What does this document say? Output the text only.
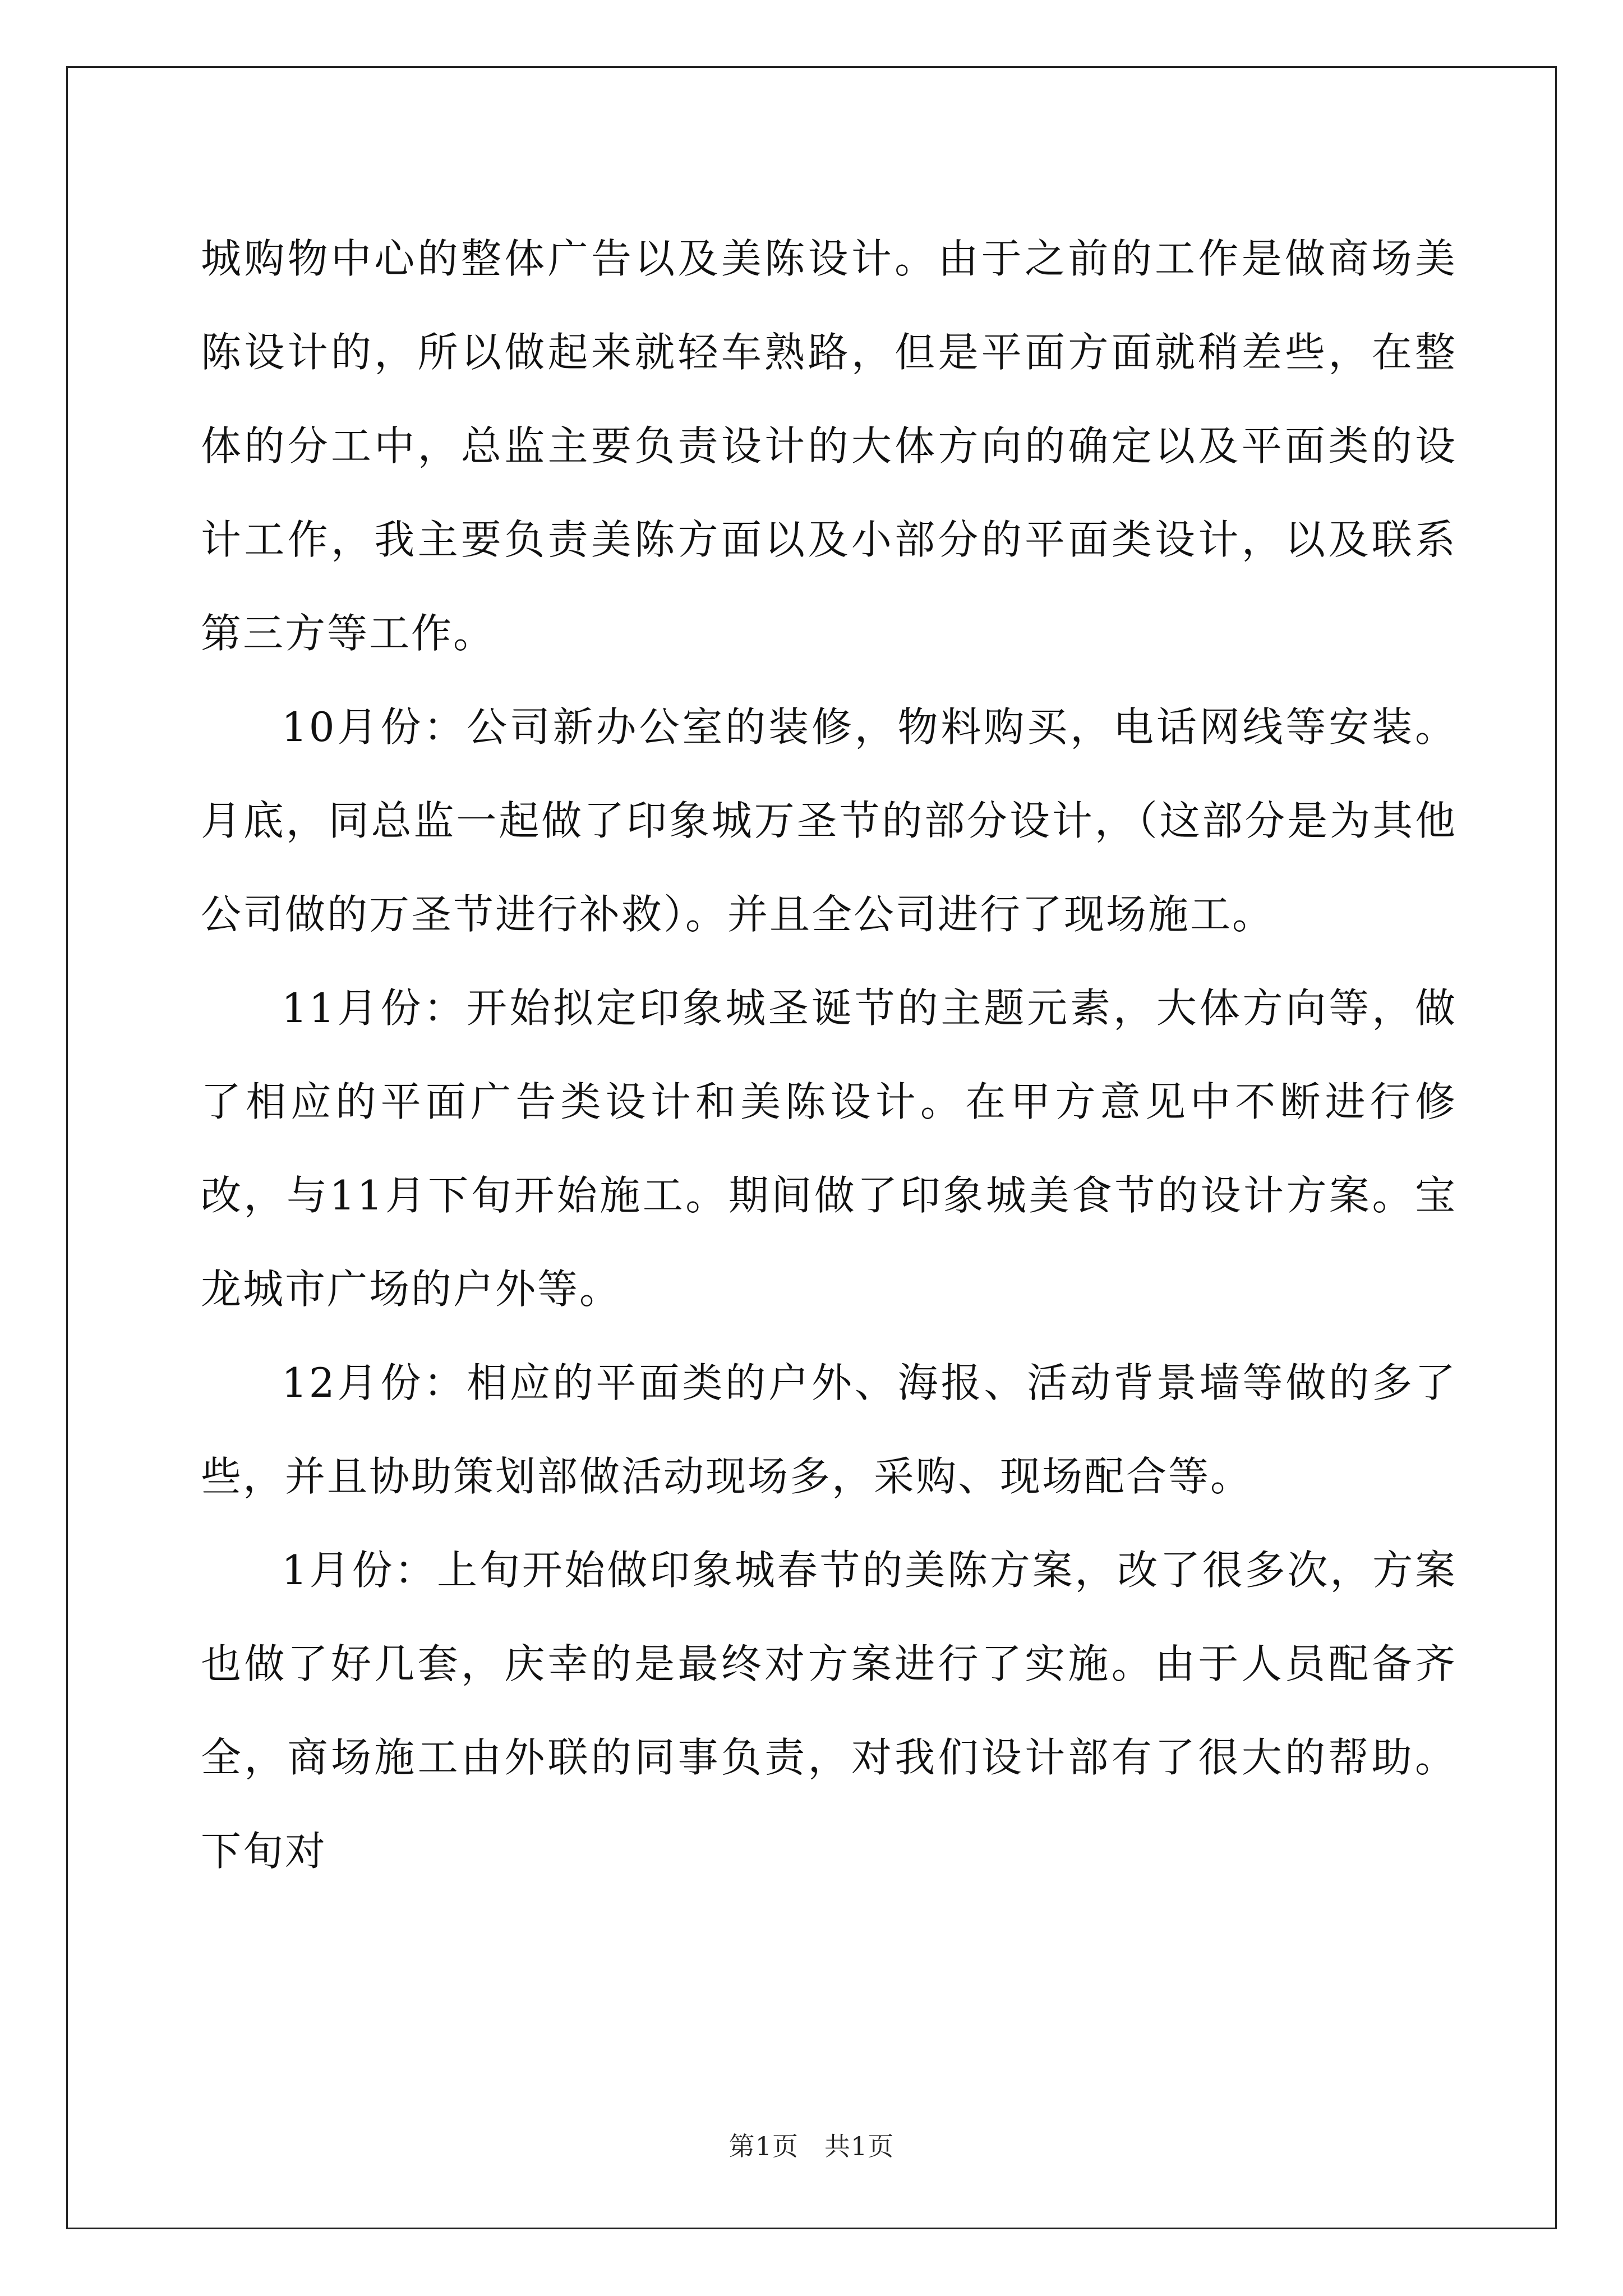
城购物中心的整体广告以及美陈设计。由于之前的工作是做商场美陈设计的，所以做起来就轻车熟路，但是平面方面就稍差些，在整体的分工中，总监主要负责设计的大体方向的确定以及平面类的设计工作，我主要负责美陈方面以及小部分的平面类设计，以及联系第三方等工作。

10月份：公司新办公室的装修，物料购买，电话网线等安装。月底，同总监一起做了印象城万圣节的部分设计，（这部分是为其他公司做的万圣节进行补救）。并且全公司进行了现场施工。

11月份：开始拟定印象城圣诞节的主题元素，大体方向等，做了相应的平面广告类设计和美陈设计。在甲方意见中不断进行修改，与11月下旬开始施工。期间做了印象城美食节的设计方案。宝龙城市广场的户外等。

12月份：相应的平面类的户外、海报、活动背景墙等做的多了些，并且协助策划部做活动现场多，采购、现场配合等。

1月份：上旬开始做印象城春节的美陈方案，改了很多次，方案也做了好几套，庆幸的是最终对方案进行了实施。由于人员配备齐全，商场施工由外联的同事负责，对我们设计部有了很大的帮助。下旬对

第1页 共1页
